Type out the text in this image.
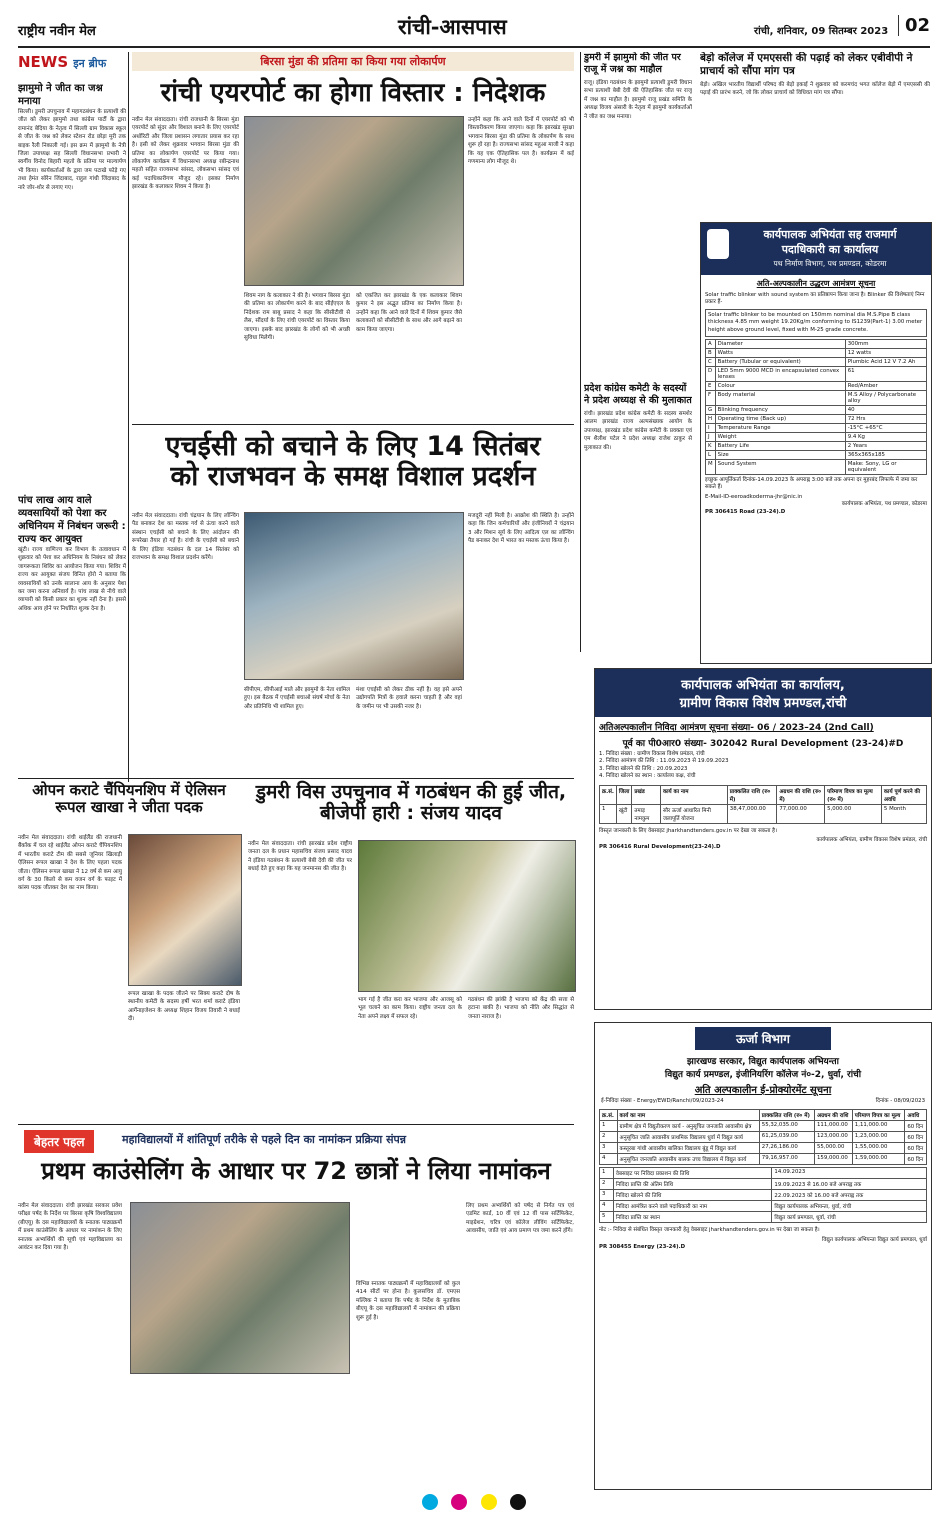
राष्ट्रीय नवीन मेल	रांची-आसपास	रांची, शनिवार, 09 सितम्बर 2023 02
NEWS इन ब्रीफ
झामुमो ने जीत का जश्न मनाया
सिल्ली। डुमरी उपचुनाव में महागठबंधन के प्रत्याशी की जीत को लेकर झामुमो तथा कांग्रेस पार्टी के द्वारा रामानंद बेदिया के नेतृत्व में सिल्ली ग्राम विकास स्कूल से जीत के जश्न को लेकर स्टेशन रोड छोड़ा मुरी तक बाइक रैली निकाली गई। इस क्रम में झामुमो के नेत्री जिला उपाध्यक्ष सह सिल्ली विधानसभा प्रभारी ने स्वर्गीय विनोद बिहारी महतो के प्रतिमा पर माल्यार्पण भी किया। कार्यकर्ताओं के द्वारा जम पटाखे फोड़े गए तथा हेमंत सोरेन जिंदाबाद, राहुल गांधी जिंदाबाद के नारे जोर-शोर से लगाए गए।
पांच लाख आय वाले व्यवसायियों को पेशा कर अधिनियम में निबंधन जरूरी : राज्य कर आयुक्त
खूंटी। राज्य वाणिज्य कर विभाग के तत्वावधान में शुक्रवार को पेशा कर अधिनियम के निबंधन को लेकर जागरूकता शिविर का आयोजन किया गया। शिविर में राज्य कर आयुक्त संजय विनित होरो ने बताया कि व्यवसायियों को उनके सालाना आय के अनुसार पेशा कर जमा करना अनिवार्य है। पांच लाख से नीचे वाले व्यापारी को किसी प्रकार का शुल्क नहीं देना है। इससे अधिक आय होने पर निर्धारित शुल्क देना है।
बिरसा मुंडा की प्रतिमा का किया गया लोकार्पण
रांची एयरपोर्ट का होगा विस्तार : निदेशक
नवीन मेल संवाददाता। रांची राजधानी के बिरसा मुंडा एयरपोर्ट को सुंदर और विशाल बनाने के लिए एयरपोर्ट अथॉरिटी और जिला प्रशासन लगातार प्रयास कर रहा है। इसी को लेकर शुक्रवार भगवान बिरसा मुंडा की प्रतिमा का लोकार्पण एयरपोर्ट पर किया गया। लोकार्पण कार्यक्रम में विधानसभा अध्यक्ष रबीन्द्रनाथ महतो सहित राज्यसभा सांसद, लोकसभा सांसद एवं कई पदाधिकारीगण मौजूद रहे। इसका निर्माण झारखंड के कलाकार शिवम ने किया है।
शिवम नाग के कलाकार ने की है। भगवान बिरसा मुंडा की प्रतिमा का लोकार्पण करने के बाद सीईएएल के निदेशक राम बाबू प्रसाद ने कहा कि सीसीटीवी से लैस, सौंदर्या के लिए रांची एयरपोर्ट का विस्तार किया जाएगा। इसके बाद झारखंड के लोगों को भी अच्छी सुविधा मिलेगी।
को एकजित कर झारखंड के एक कलाकार शिवम कुमार ने इस अद्भुत प्रतिमा का निर्माण किया है। उन्होंने कहा कि आने वाले दिनों में शिवम कुमार जैसे कलाकारों को सीसीटीवी के साथ और आगे बढ़ाने का काम किया जाएगा।
उन्होंने कहा कि आने वाले दिनों में एयरपोर्ट को भी विस्तारीकरण किया जाएगा। कहा कि झारखंड सुरक्षा भगवान बिरसा मुंडा की प्रतिमा के लोकार्पण के साथ शुरू हो रहा है। राज्यसभा सांसद महुआ माजी ने कहा कि यह एक ऐतिहासिक पल है। कार्यक्रम में कई गणमान्य लोग मौजूद थे।
एचईसी को बचाने के लिए 14 सितंबर
को राजभवन के समक्ष विशाल प्रदर्शन
नवीन मेल संवाददाता। रांची चंद्रयान के लिए लॉन्चिंग पैड बनाकर देश का मस्तक गर्व से ऊंचा करने वाले संस्थान एचईसी को बचाने के लिए आंदोलन की रूपरेखा तैयार हो गई है। रांची के एचईसी को बचाने के लिए इंडिया गठबंधन के दल 14 सितंबर को राजभवन के समक्ष विशाल प्रदर्शन करेंगे।
सीपीएम, सीपीआई माले और झामुमो के नेता शामिल हुए। इस बैठक में एचईसी बचाओ संघर्ष मोर्चा के नेता और प्रतिनिधि भी शामिल हुए।
मंशा एचईसी को लेकर ठीक नहीं है। वह इसे अपने उद्योगपति मित्रों के हवाले करना चाहती है और वहां के जमीन पर भी उसकी नजर है।
मजदूरी नहीं मिली है। आक्रोश की स्थिति है। उन्होंने कहा कि जिन कर्मचारियों और इंजीनियरों ने चंद्रयान 3 और मिशन सूर्य के लिए आदित्य एल का लॉन्चिंग पैड बनाकर देश में भारत का मस्तक ऊंचा किया है।
ओपन कराटे चैंपियनशिप में ऐलिसन रूपल खाखा ने जीता पदक
नवीन मेल संवाददाता। रांची थाईलैंड की राजधानी बैंकॉक में चल रहे थाईलैंड ओपन कराटे चैंपियनशिप में भारतीय कराटे टीम की सबसे जूनियर खिलाड़ी ऐलिसन रूपल खाखा ने देश के लिए पहला पदक जीता। ऐलिसन रूपल खाखा ने 12 वर्ष से कम आयु वर्ग के 30 किलो से कम वजन वर्ग के फाइट में कांस्य पदक जीतकर देश का नाम किया।
रूपल खाखा के पदक जीतने पर सिक्य कराटे दोष के स्थानीय कमेटी के सदस्य हर्षी भरत शर्मा कराटे इंडिया आर्गेनाइजेशन के अध्यक्ष शिहान विजय तिवारी ने बधाई दी।
डुमरी विस उपचुनाव में गठबंधन की हुई जीत, बीजेपी हारी : संजय यादव
नवीन मेल संवाददाता। रांची झारखंड प्रदेश राष्ट्रीय जनता दल के प्रधान महासचिव संजय प्रसाद यादव ने इंडिया गठबंधन के प्रत्याशी बेबी देवी की जीत पर बधाई देते हुए कहा कि यह जनमानस की जीत है।
भाग गई है जीत करा कर भाजपा और आजसू को भूल चलाने का काम किया। राष्ट्रीय जनता दल के नेता अपने लक्ष्य में सफल रहे।
गठबंधन की झांकी है भाजपा को केंद्र की सत्ता से हटाना बाकी है। भाजपा को नीति और सिद्धांत से जनता नाराज है।
बेहतर पहल	महाविद्यालयों में शांतिपूर्ण तरीके से पहले दिन का नामांकन प्रक्रिया संपन्न
प्रथम काउंसेलिंग के आधार पर 72 छात्रों ने लिया नामांकन
नवीन मेल संवाददाता। रांची झारखंड सरकार प्रवेश परीक्षा पर्षद के निर्देश पर बिरसा कृषि विश्वविद्यालय (बीएयू) के दस महाविद्यालयों के स्नातक पाठ्यक्रमों में प्रथम काउंसेलिंग के आधार पर नामांकन के लिए स्नातक अभ्यर्थियों की सूची एवं महाविद्यालय का आवंटन कर दिया गया है।
विभिन्न स्नातक पाठ्यक्रमों में महाविद्यालयों को कुल 414 सीटों पर होना है। कुलसचिव डॉ. एमएस मल्लिक ने बताया कि पर्षद के निर्देश के मुताबिक बीएयू के दस महाविद्यालयों में नामांकन की प्रक्रिया शुरू हुई है।
लिए प्रथम अभ्यर्थियों को पर्षद से निर्गत पत्र एवं एडमिट कार्ड, 10 वीं एवं 12 वीं पास सर्टिफिकेट, माइग्रेशन, चरित्र एवं कॉलेज लीविंग सर्टिफिकेट, आवासीय, जाति एवं आय प्रमाण पत्र जमा करने होंगे।
डुमरी में झामुमो की जीत पर राजू में जश्न का माहौल
राजू। इंडिया गठबंधन के झामुमो प्रत्याशी डुमरी विधान सभा प्रत्याशी बेबी देवी की ऐतिहासिक जीत पर राजू में जश्न का माहौल है। झामुमो राजू प्रखंड समिति के अध्यक्ष विजय अंसारी के नेतृत्व में झामुमो कार्यकर्ताओं ने जीत का जश्न मनाया।
प्रदेश कांग्रेस कमेटी के सदस्यों ने प्रदेश अध्यक्ष से की मुलाकात
रांची। झारखंड प्रदेश कांग्रेस कमेटी के सदस्य समशेर आलम झारखंड राज्य अल्पसंख्यक आयोग के उपाध्यक्ष, झारखंड प्रदेश कांग्रेस कमेटी के प्रवक्ता एवं एम शैलीश पटेल ने प्रदेश अध्यक्ष राजेश ठाकुर से मुलाकात की।
बेड़ो कॉलेज में एमएससी की पढ़ाई को लेकर एबीवीपी ने प्राचार्य को सौंपा मांग पत्र
बेड़ो। अखिल भारतीय विद्यार्थी परिषद की बेड़ो इकाई ने शुक्रवार को करमचंद भगत कॉलेज बेड़ो में एमएससी की पढ़ाई की प्रारंभ करने, जो कि लोकर प्राचार्य को विधिवत मांग पत्र सौंपा।
कार्यपालक अभियंता सह राजमार्ग
पदाधिकारी का कार्यालय
पथ निर्माण विभाग, पथ प्रमण्डल, कोडरमा
अति-अल्पकालीन उद्धरण आमंत्रण सूचना
Solar traffic blinker with sound system का प्रतिष्ठापन किया जाना है। Blinker की विशेषताएं निम्न प्रकार हैं-
Solar traffic blinker to be mounted on 150mm nominal dia M.S.Pipe B class thickness 4.85 mm weight 19.20Kg/m conforming to IS1239(Part-1) 3.00 meter height above ground level, fixed with M-25 grade concrete.
A	Diameter	300mm
B	Watts	12 watts
C	Battery (Tubular or equivalent)	Plumbic Acid 12 V 7.2 Ah
D	LED 5mm 9000 MCD in encapsulated convex lenses	61
E	Colour	Red/Amber
F	Body material	M.S Alloy / Polycarbonate alloy
G	Blinking frequency	40
H	Operating time (Back up)	72 Hrs
I	Temperature Range	-15°C +65°C
J	Weight	9.4 Kg
K	Battery Life	2 Years
L	Size	365x365x185
M	Sound System	Make: Sony, LG or equivalent
इच्छुक आपूर्तिकर्ता दिनांक-14.09.2023 के अपराह्न 3:00 बजे तक अपना दर मुहरबंद लिफाफे में जमा कर सकते हैं।
E-Mail-ID-eeroadkoderma-jhr@nic.in
कार्यपालक अभियंता, पथ प्रमण्डल, कोडरमा
PR 306415 Road (23-24).D
कार्यपालक अभियंता का कार्यालय,
ग्रामीण विकास विशेष प्रमण्डल,रांची
अतिअल्पकालीन निविदा आमंत्रण सूचना संख्या- 06 / 2023–24 (2nd Call)
पूर्व का पी0आर0 संख्या- 302042 Rural Development (23-24)#D
1. निविदा संख्या : ग्रामीण विकास विशेष प्रमंडल, रांची
2. निविदा आमंत्रण की तिथि : 11.09.2023 से 19.09.2023
3. निविदा खोलने की तिथि : 20.09.2023
4. निविदा खोलने का स्थान : कार्यालय कक्ष, रांची
क्र.सं.	जिला	प्रखंड	कार्य का नाम	प्राक्कलित राशि (रु० में)	अग्रधन की राशि (रु० में)	परिमाण विपत्र का मूल्य (रु० में)	कार्य पूर्ण करने की अवधि
1	खूंटी	तमाड़ नामकुम	सौर ऊर्जा आधारित मिनी जलापूर्ति योजना	38,47,000.00	77,000.00	5,000.00	5 Month
विस्तृत जानकारी के लिए वेबसाइट jharkhandtenders.gov.in पर देखा जा सकता है।
कार्यपालक अभियंता, ग्रामीण विकास विशेष प्रमंडल, रांची
PR 306416 Rural Development(23-24).D
ऊर्जा विभाग
झारखण्ड सरकार, विद्युत कार्यपालक अभियन्ता
विद्युत कार्य प्रमण्डल, इंजीनियरिंग कॉलेज नं०-2, धुर्वा, रांची
अति अल्पकालीन ई-प्रोक्योरमेंट सूचना
ई-निविदा संख्या - Energy/EWD/Ranchi/09/2023-24	दिनांक - 08/09/2023
क्र.सं.	कार्य का नाम	प्राक्कलित राशि (रु० में)	अग्रधन की राशि	परिमाण विपत्र का मूल्य	अवधि
1	ग्रामीण क्षेत्र में विद्युतीकरण कार्य - अनुसूचित जनजाति आवासीय क्षेत्र	55,32,035.00	111,000.00	1,11,000.00	60 दिन
2	अनुसूचित जाति आवासीय प्राथमिक विद्यालय धुर्वा में विद्युत कार्य	61,25,039.00	123,000.00	1,23,000.00	60 दिन
3	कस्तूरबा गांधी आवासीय बालिका विद्यालय बुंडू में विद्युत कार्य	27,26,186.00	55,000.00	1,55,000.00	60 दिन
4	अनुसूचित जनजाति आवासीय बालक उच्च विद्यालय में विद्युत कार्य	79,16,957.00	159,000.00	1,59,000.00	60 दिन
1	वेबसाइट पर निविदा प्रकाशन की तिथि	14.09.2023
2	निविदा प्राप्ति की अंतिम तिथि	19.09.2023 से 16.00 बजे अपराह्न तक
3	निविदा खोलने की तिथि	22.09.2023 को 16.00 बजे अपराह्न तक
4	निविदा आमंत्रित करने वाले पदाधिकारी का नाम	विद्युत कार्यपालक अभियन्ता, धुर्वा, रांची
5	निविदा प्राप्ति का स्थान	विद्युत कार्य प्रमण्डल, धुर्वा, रांची
नोट :- निविदा से संबंधित विस्तृत जानकारी हेतु वेबसाइट jharkhandtenders.gov.in पर देखा जा सकता है।
विद्युत कार्यपालक अभियन्ता विद्युत कार्य प्रमण्डल, धुर्वा
PR 308455 Energy (23-24).D
